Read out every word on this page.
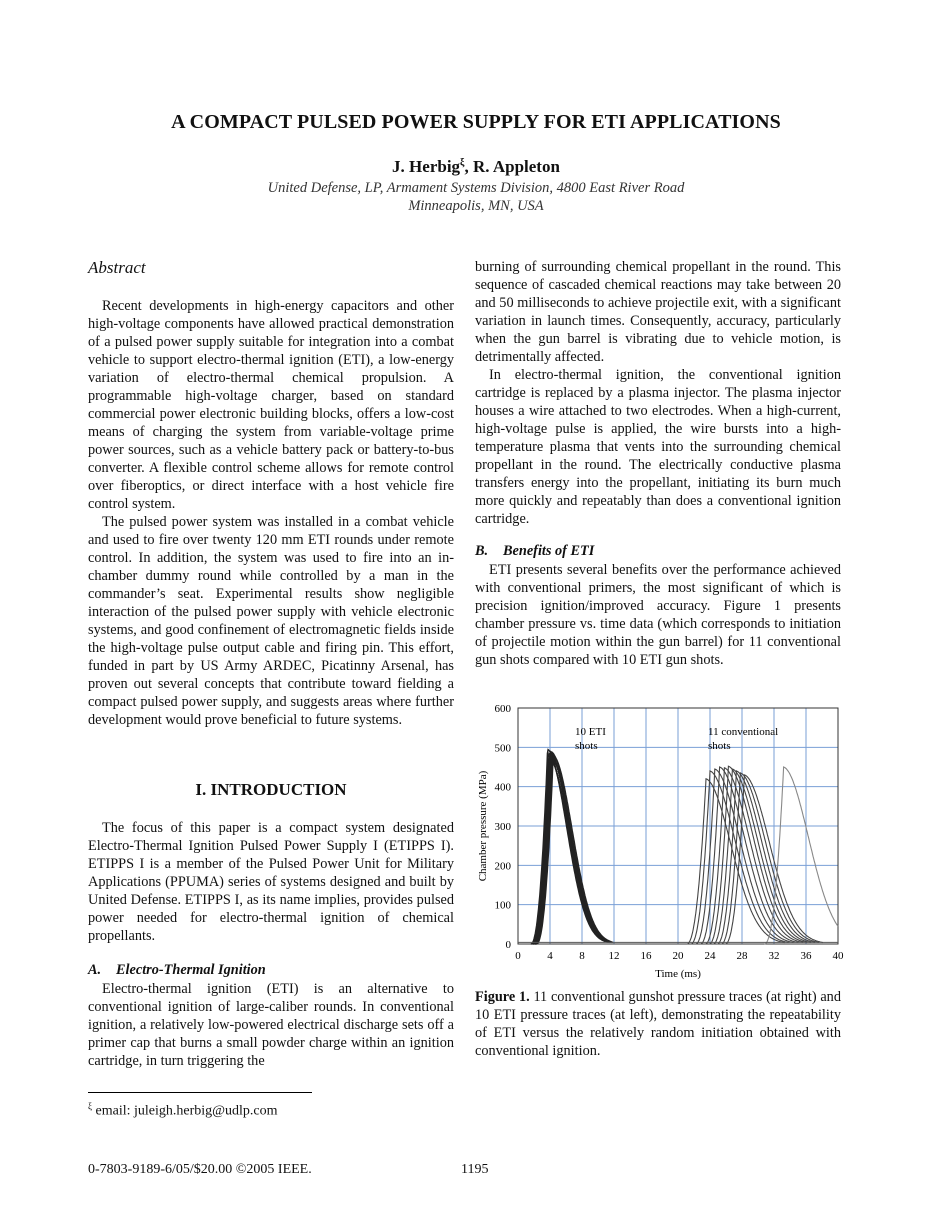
A COMPACT PULSED POWER SUPPLY FOR ETI APPLICATIONS
J. Herbig$^\xi$, R. Appleton
United Defense, LP, Armament Systems Division, 4800 East River Road
Minneapolis, MN, USA
Abstract

Recent developments in high-energy capacitors and other high-voltage components have allowed practical demonstration of a pulsed power supply suitable for integration into a combat vehicle to support electro-thermal ignition (ETI), a low-energy variation of electro-thermal chemical propulsion. A programmable high-voltage charger, based on standard commercial power electronic building blocks, offers a low-cost means of charging the system from variable-voltage prime power sources, such as a vehicle battery pack or battery-to-bus converter. A flexible control scheme allows for remote control over fiberoptics, or direct interface with a host vehicle fire control system.

The pulsed power system was installed in a combat vehicle and used to fire over twenty 120 mm ETI rounds under remote control. In addition, the system was used to fire into an in-chamber dummy round while controlled by a man in the commander’s seat. Experimental results show negligible interaction of the pulsed power supply with vehicle electronic systems, and good confinement of electromagnetic fields inside the high-voltage pulse output cable and firing pin. This effort, funded in part by US Army ARDEC, Picatinny Arsenal, has proven out several concepts that contribute toward fielding a compact pulsed power supply, and suggests areas where further development would prove beneficial to future systems.

I. INTRODUCTION

The focus of this paper is a compact system designated Electro-Thermal Ignition Pulsed Power Supply I (ETIPPS I). ETIPPS I is a member of the Pulsed Power Unit for Military Applications (PPUMA) series of systems designed and built by United Defense. ETIPPS I, as its name implies, provides pulsed power needed for electro-thermal ignition of chemical propellants.

A. Electro-Thermal Ignition

Electro-thermal ignition (ETI) is an alternative to conventional ignition of large-caliber rounds. In conventional ignition, a relatively low-powered electrical discharge sets off a primer cap that burns a small powder charge within an ignition cartridge, in turn triggering the

burning of surrounding chemical propellant in the round. This sequence of cascaded chemical reactions may take between 20 and 50 milliseconds to achieve projectile exit, with a significant variation in launch times. Consequently, accuracy, particularly when the gun barrel is vibrating due to vehicle motion, is detrimentally affected.

In electro-thermal ignition, the conventional ignition cartridge is replaced by a plasma injector. The plasma injector houses a wire attached to two electrodes. When a high-current, high-voltage pulse is applied, the wire bursts into a high-temperature plasma that vents into the surrounding chemical propellant in the round. The electrically conductive plasma transfers energy into the propellant, initiating its burn much more quickly and repeatably than does a conventional ignition cartridge.

B. Benefits of ETI

ETI presents several benefits over the performance achieved with conventional primers, the most significant of which is precision ignition/improved accuracy. Figure 1 presents chamber pressure vs. time data (which corresponds to initiation of projectile motion within the gun barrel) for 11 conventional gun shots compared with 10 ETI gun shots.

0 4 8 12 16 20 24 28 32 36 40
0
100
200
300
400
500
600
Time (ms)
Chamber pressure (MPa)
10 ETI
shots
11 conventional
shots
Figure 1. 11 conventional gunshot pressure traces (at right) and 10 ETI pressure traces (at left), demonstrating the repeatability of ETI versus the relatively random initiation obtained with conventional ignition.
$^\xi$ email: juleigh.herbig@udlp.com
0-7803-9189-6/05/$20.00 ©2005 IEEE.	1195
